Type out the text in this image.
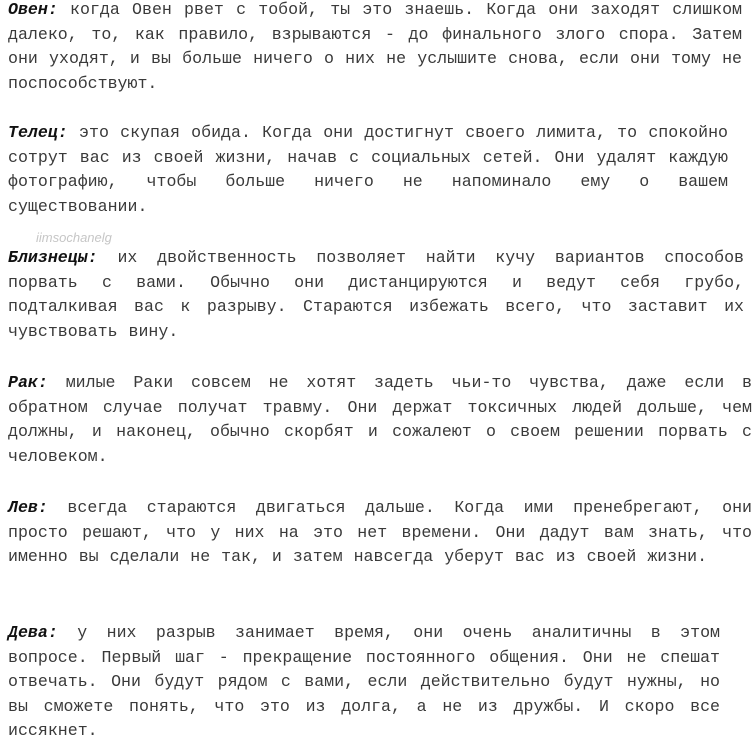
Овен: когда Овен рвет с тобой, ты это знаешь. Когда они заходят слишком далеко, то, как правило, взрываются - до финального злого спора. Затем они уходят, и вы больше ничего о них не услышите снова, если они тому не поспособствуют.

Телец: это скупая обида. Когда они достигнут своего лимита, то спокойно сотрут вас из своей жизни, начав с социальных сетей. Они удалят каждую фотографию, чтобы больше ничего не напоминало ему о вашем существовании.

Близнецы: их двойственность позволяет найти кучу вариантов способов порвать с вами. Обычно они дистанцируются и ведут себя грубо, подталкивая вас к разрыву. Стараются избежать всего, что заставит их чувствовать вину.

Рак: милые Раки совсем не хотят задеть чьи-то чувства, даже если в обратном случае получат травму. Они держат токсичных людей дольше, чем должны, и наконец, обычно скорбят и сожалеют о своем решении порвать с человеком.

Лев: всегда стараются двигаться дальше. Когда ими пренебрегают, они просто решают, что у них на это нет времени. Они дадут вам знать, что именно вы сделали не так, и затем навсегда уберут вас из своей жизни.

Дева: у них разрыв занимает время, они очень аналитичны в этом вопросе. Первый шаг - прекращение постоянного общения. Они не спешат отвечать. Они будут рядом с вами, если действительно будут нужны, но вы сможете понять, что это из долга, а не из дружбы. И скоро все иссякнет.

iimsochanelg
